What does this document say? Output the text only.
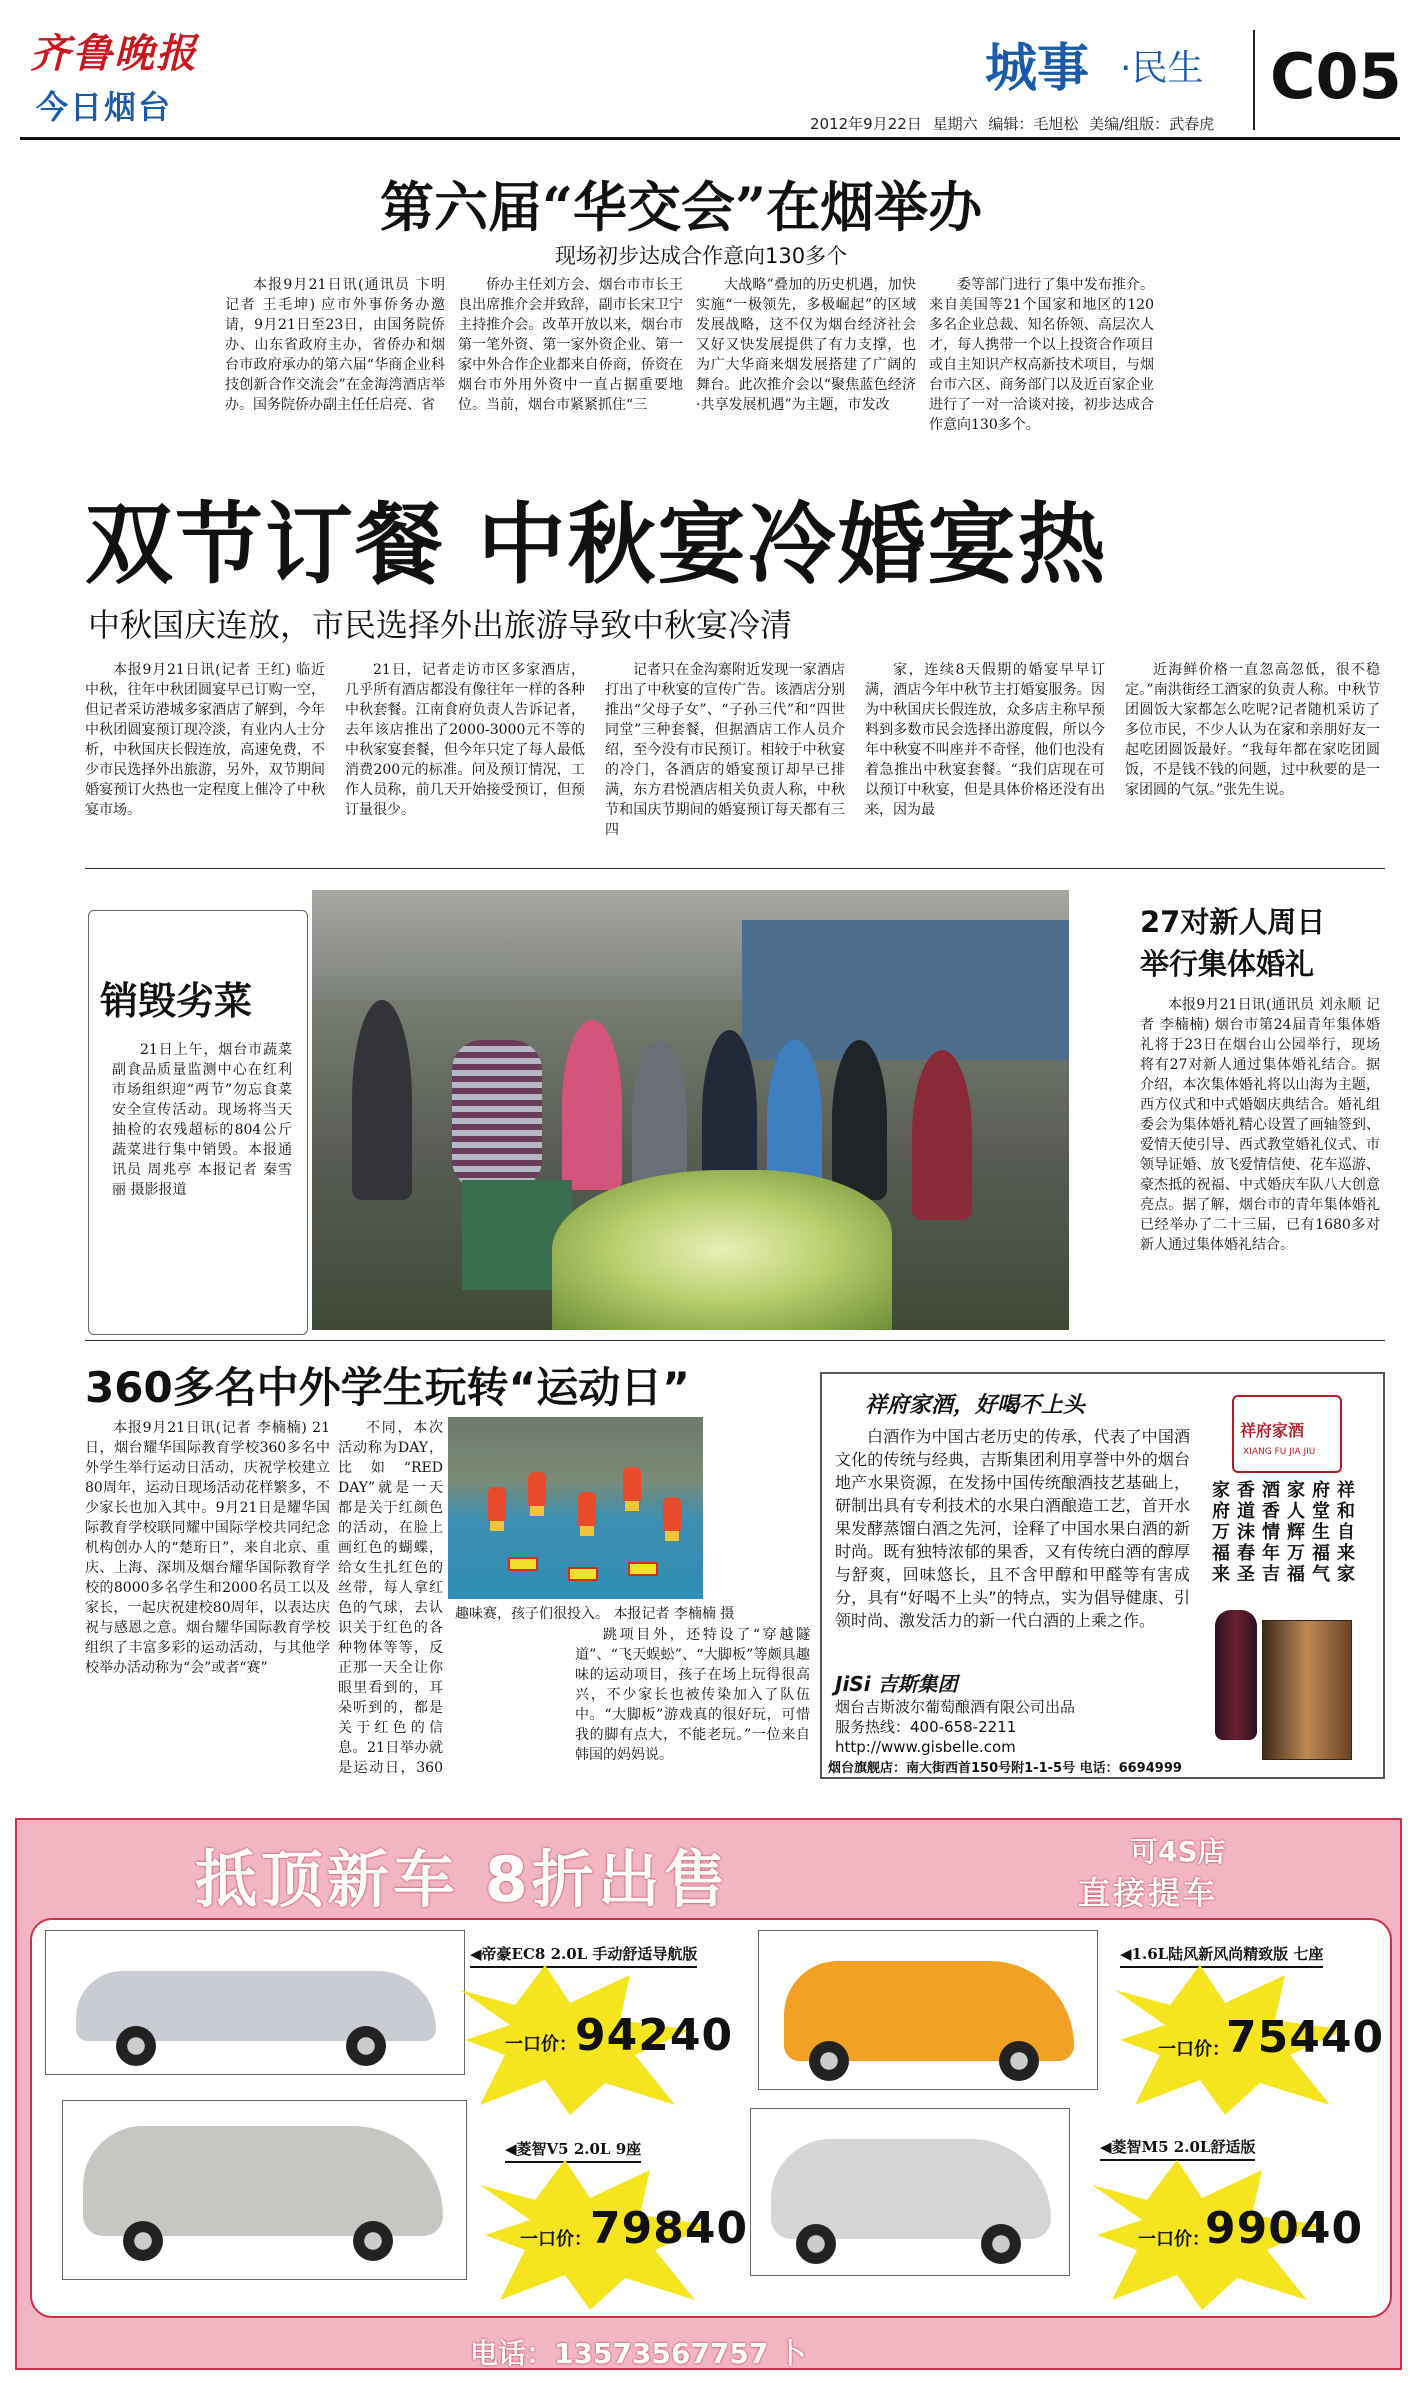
齐鲁晚报
今日烟台
城事 ·民生 C05
2012年9月22日 星期六 编辑：毛旭松 美编/组版：武春虎
第六届“华交会”在烟举办
现场初步达成合作意向130多个

本报9月21日讯(通讯员 卞明 记者 王毛坤) 应市外事侨务办邀请，9月21日至23日，由国务院侨办、山东省政府主办，省侨办和烟台市政府承办的第六届“华商企业科技创新合作交流会”在金海湾酒店举办。国务院侨办副主任任启亮、省

侨办主任刘方会、烟台市市长王良出席推介会并致辞，副市长宋卫宁主持推介会。改革开放以来，烟台市第一笔外资、第一家外资企业、第一家中外合作企业都来自侨商，侨资在烟台市外用外资中一直占据重要地位。当前，烟台市紧紧抓住“三

大战略”叠加的历史机遇，加快实施“一极领先，多极崛起”的区域发展战略，这不仅为烟台经济社会又好又快发展提供了有力支撑，也为广大华商来烟发展搭建了广阔的舞台。此次推介会以“聚焦蓝色经济·共享发展机遇”为主题，市发改

委等部门进行了集中发布推介。来自美国等21个国家和地区的120多名企业总裁、知名侨领、高层次人才，每人携带一个以上投资合作项目或自主知识产权高新技术项目，与烟台市六区、商务部门以及近百家企业进行了一对一洽谈对接，初步达成合作意向130多个。

双节订餐 中秋宴冷婚宴热
中秋国庆连放，市民选择外出旅游导致中秋宴冷清

本报9月21日讯(记者 王红) 临近中秋，往年中秋团圆宴早已订购一空，但记者采访港城多家酒店了解到，今年中秋团圆宴预订现冷淡，有业内人士分析，中秋国庆长假连放，高速免费，不少市民选择外出旅游，另外，双节期间婚宴预订火热也一定程度上催冷了中秋宴市场。

21日，记者走访市区多家酒店，几乎所有酒店都没有像往年一样的各种中秋套餐。江南食府负责人告诉记者，去年该店推出了2000-3000元不等的中秋家宴套餐，但今年只定了每人最低消费200元的标准。问及预订情况，工作人员称，前几天开始接受预订，但预订量很少。

记者只在金沟寨附近发现一家酒店打出了中秋宴的宣传广告。该酒店分别推出“父母子女”、“子孙三代”和“四世同堂”三种套餐，但据酒店工作人员介绍，至今没有市民预订。相较于中秋宴的冷门，各酒店的婚宴预订却早已排满，东方君悦酒店相关负责人称，中秋节和国庆节期间的婚宴预订每天都有三四

家，连续8天假期的婚宴早早订满，酒店今年中秋节主打婚宴服务。因为中秋国庆长假连放，众多店主称早预料到多数市民会选择出游度假，所以今年中秋宴不叫座并不奇怪，他们也没有着急推出中秋宴套餐。“我们店现在可以预订中秋宴，但是具体价格还没有出来，因为最

近海鲜价格一直忽高忽低，很不稳定。”南洪街经工酒家的负责人称。中秋节团圆饭大家都怎么吃呢?记者随机采访了多位市民，不少人认为在家和亲朋好友一起吃团圆饭最好。“我每年都在家吃团圆饭，不是钱不钱的问题，过中秋要的是一家团圆的气氛。”张先生说。

销毁劣菜

21日上午，烟台市蔬菜副食品质量监测中心在红利市场组织迎“两节”勿忘食菜安全宣传活动。现场将当天抽检的农残超标的804公斤蔬菜进行集中销毁。本报通讯员 周兆亭 本报记者 秦雪丽 摄影报道

27对新人周日
举行集体婚礼

本报9月21日讯(通讯员 刘永顺 记者 李楠楠) 烟台市第24届青年集体婚礼将于23日在烟台山公园举行，现场将有27对新人通过集体婚礼结合。据介绍，本次集体婚礼将以山海为主题，西方仪式和中式婚姻庆典结合。婚礼组委会为集体婚礼精心设置了画轴签到、爱情天使引导、西式教堂婚礼仪式、市领导证婚、放飞爱情信使、花车巡游、豪杰抵的祝福、中式婚庆车队八大创意亮点。据了解，烟台市的青年集体婚礼已经举办了二十三届，已有1680多对新人通过集体婚礼结合。

360多名中外学生玩转“运动日”

本报9月21日讯(记者 李楠楠) 21日，烟台耀华国际教育学校360多名中外学生举行运动日活动，庆祝学校建立80周年，运动日现场活动花样繁多，不少家长也加入其中。9月21日是耀华国际教育学校联同耀中国际学校共同纪念机构创办人的“楚珩日”，来自北京、重庆、上海、深圳及烟台耀华国际教育学校的8000多名学生和2000名员工以及家长，一起庆祝建校80周年，以表达庆祝与感恩之意。烟台耀华国际教育学校组织了丰富多彩的运动活动，与其他学校举办活动称为“会”或者“赛”

不同，本次活动称为DAY，比如“RED DAY”就是一天都是关于红颜色的活动，在脸上画红色的蝴蝶，给女生扎红色的丝带，每人拿红色的气球，去认识关于红色的各种物体等等，反正那一天全让你眼里看到的，耳朵听到的，都是关于红色的信息。21日举办就是运动日，360

趣味赛，孩子们很投入。 本报记者 李楠楠 摄

跳项目外，还特设了“穿越隧道”、“飞天蜈蚣”、“大脚板”等颇具趣味的运动项目，孩子在场上玩得很高兴，不少家长也被传染加入了队伍中。“大脚板”游戏真的很好玩，可惜我的脚有点大，不能老玩。”一位来自韩国的妈妈说。

祥府家酒，好喝不上头

白酒作为中国古老历史的传承，代表了中国酒文化的传统与经典，吉斯集团利用享誉中外的烟台地产水果资源，在发扬中国传统酿酒技艺基础上，研制出具有专利技术的水果白酒酿造工艺，首开水果发酵蒸馏白酒之先河，诠释了中国水果白酒的新时尚。既有独特浓郁的果香，又有传统白酒的醇厚与舒爽，回味悠长，且不含甲醇和甲醛等有害成分，具有“好喝不上头”的特点，实为倡导健康、引领时尚、激发活力的新一代白酒的上乘之作。

祥府家酒
XIANG FU JIA JIU
祥和自来家
府堂生福气
家人辉万福
酒香情年吉
香道沫春圣
家府万福来
JiSi 吉斯集团
烟台吉斯波尔葡萄酿酒有限公司出品
服务热线：400-658-2211
http://www.gisbelle.com
烟台旗舰店：南大街西首150号附1-1-5号 电话：6694999
抵顶新车 8折出售	可4S店
直接提车
◀帝豪EC8 2.0L 手动舒适导航版
一口价：
94240
◀1.6L陆风新风尚精致版 七座
一口价：
75440
◀菱智V5 2.0L 9座
一口价：
79840
◀菱智M5 2.0L舒适版
一口价：
99040
电话：13573567757 卜
